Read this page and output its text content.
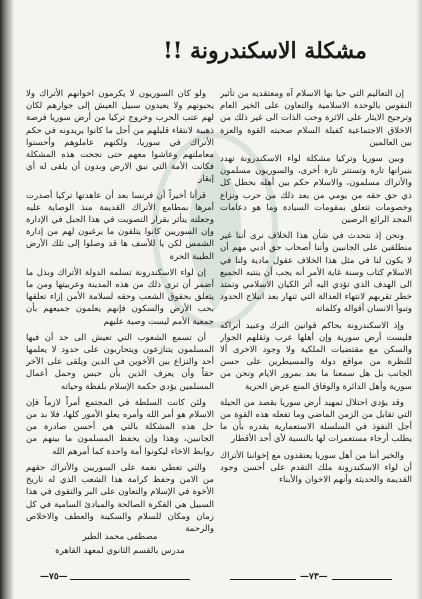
مشكلة الاسكندرونة !!

إن التعاليم التي حيا بها الاسلام آه ومعتقديه من تأثير النفوس بالوحدة الاسلامية والتعاون على الخير العام وترجيح الايثار على الاثرة وحب الذات الى غير ذلك من الاخلاق الاجتماعية كفيلة السلام صحبته القوة والعزة بين العالمين

وبين سوريا وتركيا مشكلة لواء الاسكندرونة تهدد بنيرانها تارة وتستتر تارة أخرى، والسوريون مسلمون والأتراك مسلمون، والاسلام حكم بين أهله بحطل كل ذي حق حقه من يومي من بعد ذلك من حرب ونزاع وخصومات تتعلق بمقومات السيادة وما هو دعامات المجد الرائع الرصين

ونحن إذ نتحدث في شأن هذا الخلاف نرى أننا غير منطلقين على الجانبين وأننا أصحاب حق أدبي مهم أن لا يكون لنا في مثل هذا الخلاف عقول مادية ولنا في الاسلام كتاب وسنة غاية الأمر أنه يجب أن ينتبه الجميع الى الهدف الذي تؤدي اليه أثر الكيان الاسلامي وتمتد خطر تقربهم لانتهاء العدالة التي تنهار بعد انبلاج الحدود وتبوأ الانسان أقواله وكلماته

وإذ الاسكندرونة بحاكم قوانين الترك وعبيد أتراكه فليست أرض سورية وإن أهلها عرب وثقلهم الجوار والسكن مع مقتضيات الملكية ولا وجود الاخرى ألا للنظرة من مواقع دولة والمسيطرين على حسن الجانب بل هل سمعنا ما بعد بمرور الايام ونحن من سورية وأهل الدائرة والوفاق المنع عرض الحرية

وقد يؤدي احتلال تمهيد أرض سوريا بقصد من الحيلة التي تقابل من الزمن الماضي وما تفعله هذه القوة من أجل النفوذ في السلسلة الاستعمارية يقدره بأن ما يطلب أرجاء مستعمرات لها بالنسبة لأي أحد الأقطار

والخير أننا من أهل سوريا يعتقدون مع إخواننا الأتراك أن لواء الاسكندرونة ملك التقدم على أحسن وجود القديمة والحديثة وأنهم الاخوان والأبناء

ولو كان السوريون لا يكرمون اخوانهم الأتراك ولا يحبونهم ولا يعيدون سبيل العيش إلى جوارهم لكان لهم عتب الحرب وخروج تركيا من أرض سوريا فرصة ذهبية لانتقاء قليلهم من أجل ما كانوا يريدونه في حكم الأتراك في سوريا، ولكنهم عاملوهم وأحسنوا معاملتهم وعاشوا معهم حتى نجحت هذه المشكلة فكانت الأمة التي نبق الارض وبدون أن يلقى له أي إيقار

قرأنا أخيراً أن فرنسا بعد أن عاهدتها تركيا أصدرت أمرها بمطامع الأتراك القديمة منذ الوصاية عليه وجعلته يتأثر بقرار التصويت في هذا الجبل في الإدارة وإن السوريين كانوا يتلقون ما يرغبون لهم من إدارة الشمس لكن يا للأسف ها قد وصلوا إلى تلك الأرض الطيبة الحرة

إن لواء الاسكندرونة تسلمه الدولة الأتراك وبذل ما أضمر أن ترى ذلك من هذه المدينة وعربيتها ومن ما يتعلق بحقوق الشعب وحقه لسلامة الأمن إزاء تعلقها بحب الأرض والسكون فإنهم يعلمون جميعهم بأن جمعية الأمم ليست وصية عليهم

أن تسمع الشعوب التي تعيش الى حد أن فيها المسلمون يتنازعون ويتحاربون على حدود لا يعلمها أحد والنزاع بين الأخوين في الدين ويلقى على الآخر حقاً وأن يعرف الذين بأن حبس وحمل أعمال المسلمين يؤدي حكمة الإسلام بلفظة وحياته

ولئن كانت السلطة في المجتمع أمراً لازماً فإن الاسلام هو أمر الله وأمره يعلو الأمور كلها، فلا بد من حل هذه المشكلة بالتي هي أحسن صادرة من الجانبين، وهذا وإن يحفظ المسلمون ما بينهم من روابط الاخاء ليكونوا أمة واحدة كما أمرهم الله

والتي تعطي نعمة على السوريين والأتراك حقهم من الامن وحفظ كرامة هذا الشعب الذي له تاريخ الأخوة في الإسلام والتعاون على البر والتقوى في هذا السبيل هي الفكرة الصالحة والمبادئ السامية في كل زمان ومكان للسلام والسكينة والعطف والاخلاص والرحمة

مصطفى محمد الطير
مدرس بالقسم الثانوي لمعهد القاهرة
—٧٥—	—٧٣—
